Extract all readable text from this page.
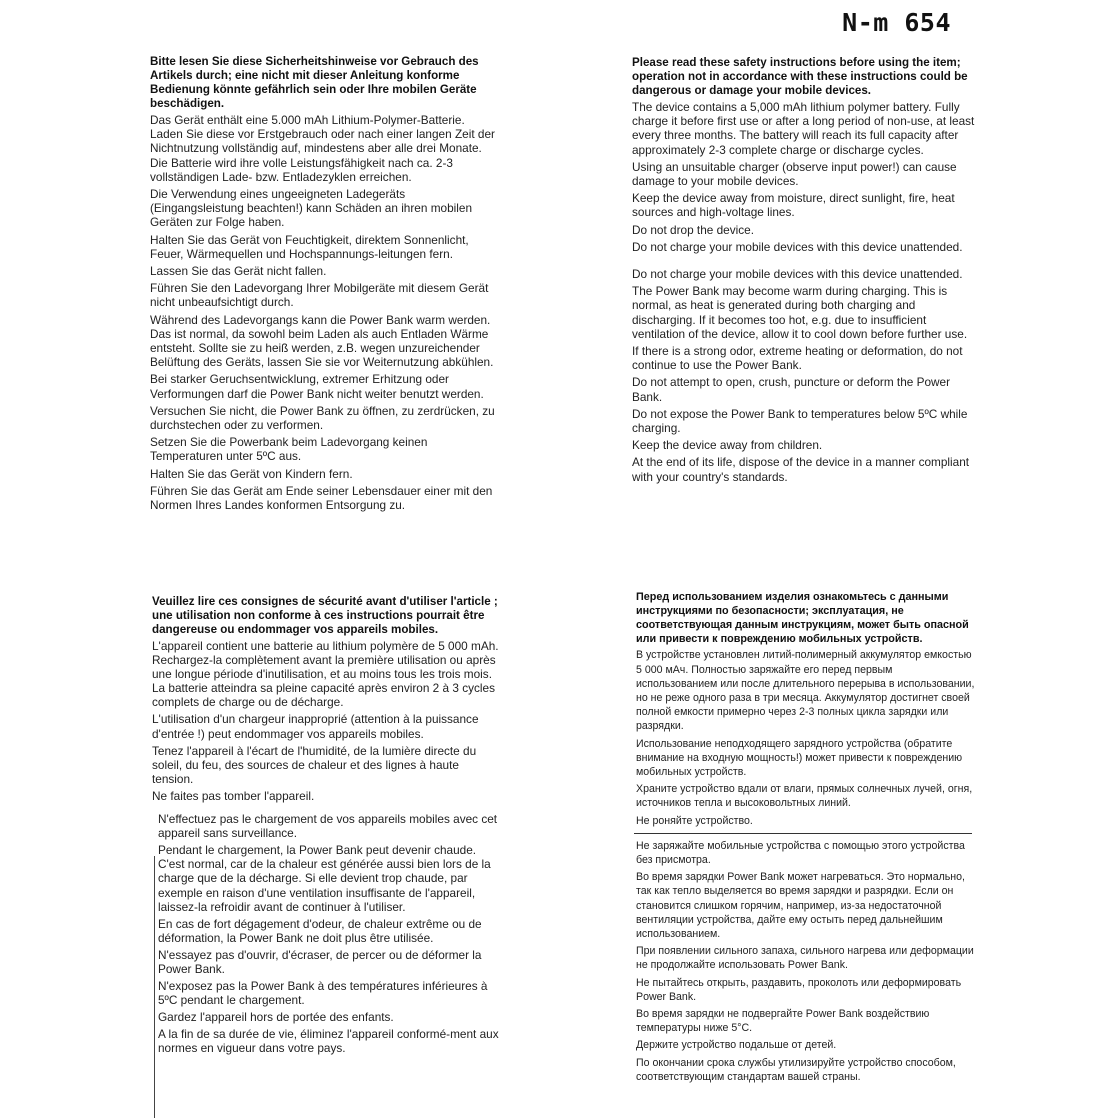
N-m 654
Bitte lesen Sie diese Sicherheitshinweise vor Gebrauch des Artikels durch; eine nicht mit dieser Anleitung konforme Bedienung könnte gefährlich sein oder Ihre mobilen Geräte beschädigen.

Das Gerät enthält eine 5.000 mAh Lithium-Polymer-Batterie. Laden Sie diese vor Erstgebrauch oder nach einer langen Zeit der Nichtnutzung vollständig auf, mindestens aber alle drei Monate. Die Batterie wird ihre volle Leistungsfähigkeit nach ca. 2-3 vollständigen Lade- bzw. Entladezyklen erreichen.

Die Verwendung eines ungeeigneten Ladegeräts (Eingangsleistung beachten!) kann Schäden an ihren mobilen Geräten zur Folge haben.

Halten Sie das Gerät von Feuchtigkeit, direktem Sonnenlicht, Feuer, Wärmequellen und Hochspannungs-leitungen fern.

Lassen Sie das Gerät nicht fallen.

Führen Sie den Ladevorgang Ihrer Mobilgeräte mit diesem Gerät nicht unbeaufsichtigt durch.

Während des Ladevorgangs kann die Power Bank warm werden. Das ist normal, da sowohl beim Laden als auch Entladen Wärme entsteht. Sollte sie zu heiß werden, z.B. wegen unzureichender Belüftung des Geräts, lassen Sie sie vor Weiternutzung abkühlen.

Bei starker Geruchsentwicklung, extremer Erhitzung oder Verformungen darf die Power Bank nicht weiter benutzt werden.

Versuchen Sie nicht, die Power Bank zu öffnen, zu zerdrücken, zu durchstechen oder zu verformen.

Setzen Sie die Powerbank beim Ladevorgang keinen Temperaturen unter 5ºC aus.

Halten Sie das Gerät von Kindern fern.

Führen Sie das Gerät am Ende seiner Lebensdauer einer mit den Normen Ihres Landes konformen Entsorgung zu.

Please read these safety instructions before using the item; operation not in accordance with these instructions could be dangerous or damage your mobile devices.

The device contains a 5,000 mAh lithium polymer battery. Fully charge it before first use or after a long period of non-use, at least every three months. The battery will reach its full capacity after approximately 2-3 complete charge or discharge cycles.

Using an unsuitable charger (observe input power!) can cause damage to your mobile devices.

Keep the device away from moisture, direct sunlight, fire, heat sources and high-voltage lines.

Do not drop the device.

Do not charge your mobile devices with this device unattended.

Do not charge your mobile devices with this device unattended.

The Power Bank may become warm during charging. This is normal, as heat is generated during both charging and discharging. If it becomes too hot, e.g. due to insufficient ventilation of the device, allow it to cool down before further use.

If there is a strong odor, extreme heating or deformation, do not continue to use the Power Bank.

Do not attempt to open, crush, puncture or deform the Power Bank.

Do not expose the Power Bank to temperatures below 5ºC while charging.

Keep the device away from children.

At the end of its life, dispose of the device in a manner compliant with your country's standards.

Veuillez lire ces consignes de sécurité avant d'utiliser l'article ; une utilisation non conforme à ces instructions pourrait être dangereuse ou endommager vos appareils mobiles.

L'appareil contient une batterie au lithium polymère de 5 000 mAh. Rechargez-la complètement avant la première utilisation ou après une longue période d'inutilisation, et au moins tous les trois mois. La batterie atteindra sa pleine capacité après environ 2 à 3 cycles complets de charge ou de décharge.

L'utilisation d'un chargeur inapproprié (attention à la puissance d'entrée !) peut endommager vos appareils mobiles.

Tenez l'appareil à l'écart de l'humidité, de la lumière directe du soleil, du feu, des sources de chaleur et des lignes à haute tension.

Ne faites pas tomber l'appareil.

N'effectuez pas le chargement de vos appareils mobiles avec cet appareil sans surveillance.

Pendant le chargement, la Power Bank peut devenir chaude. C'est normal, car de la chaleur est générée aussi bien lors de la charge que de la décharge. Si elle devient trop chaude, par exemple en raison d'une ventilation insuffisante de l'appareil, laissez-la refroidir avant de continuer à l'utiliser.

En cas de fort dégagement d'odeur, de chaleur extrême ou de déformation, la Power Bank ne doit plus être utilisée.

N'essayez pas d'ouvrir, d'écraser, de percer ou de déformer la Power Bank.

N'exposez pas la Power Bank à des températures inférieures à 5ºC pendant le chargement.

Gardez l'appareil hors de portée des enfants.

A la fin de sa durée de vie, éliminez l'appareil conformé-ment aux normes en vigueur dans votre pays.

Перед использованием изделия ознакомьтесь с данными инструкциями по безопасности; эксплуатация, не соответствующая данным инструкциям, может быть опасной или привести к повреждению мобильных устройств.

В устройстве установлен литий-полимерный аккумулятор емкостью 5 000 мАч. Полностью заряжайте его перед первым использованием или после длительного перерыва в использовании, но не реже одного раза в три месяца. Аккумулятор достигнет своей полной емкости примерно через 2-3 полных цикла зарядки или разрядки.

Использование неподходящего зарядного устройства (обратите внимание на входную мощность!) может привести к повреждению мобильных устройств.

Храните устройство вдали от влаги, прямых солнечных лучей, огня, источников тепла и высоковольтных линий.

Не роняйте устройство.

Не заряжайте мобильные устройства с помощью этого устройства без присмотра.

Во время зарядки Power Bank может нагреваться. Это нормально, так как тепло выделяется во время зарядки и разрядки. Если он становится слишком горячим, например, из-за недостаточной вентиляции устройства, дайте ему остыть перед дальнейшим использованием.

При появлении сильного запаха, сильного нагрева или деформации не продолжайте использовать Power Bank.

Не пытайтесь открыть, раздавить, проколоть или деформировать Power Bank.

Во время зарядки не подвергайте Power Bank воздействию температуры ниже 5°C.

Держите устройство подальше от детей.

По окончании срока службы утилизируйте устройство способом, соответствующим стандартам вашей страны.
